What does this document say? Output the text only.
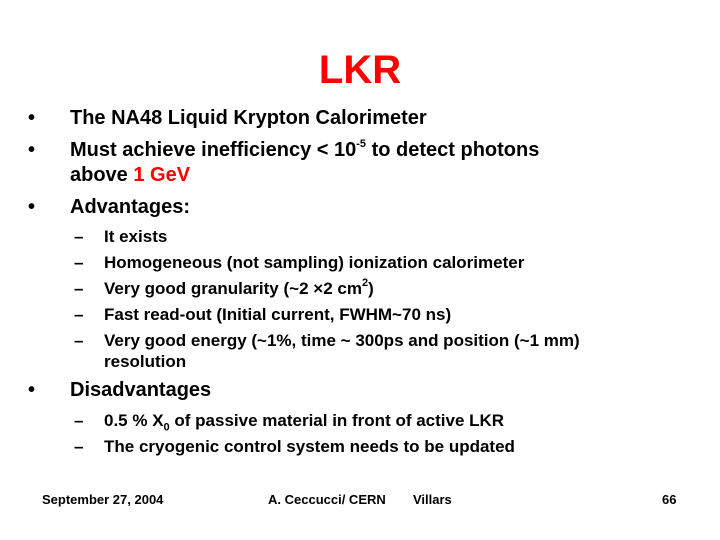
LKR
•	The NA48 Liquid Krypton Calorimeter
•	Must achieve inefficiency < $10^{-5}$ to detect photons
above 1 GeV
•	Advantages:
– It exists
– Homogeneous (not sampling) ionization calorimeter
– Very good granularity (~2 ×2 $cm^2$)
– Fast read-out (Initial current, FWHM~70 ns)
– Very good energy (~1%, time ~ 300ps and position (~1 mm)
resolution
•	Disadvantages
– 0.5 % $X_0$ of passive material in front of active LKR
– The cryogenic control system needs to be updated
September 27, 2004	A. Ceccucci/ CERN Villars	66
